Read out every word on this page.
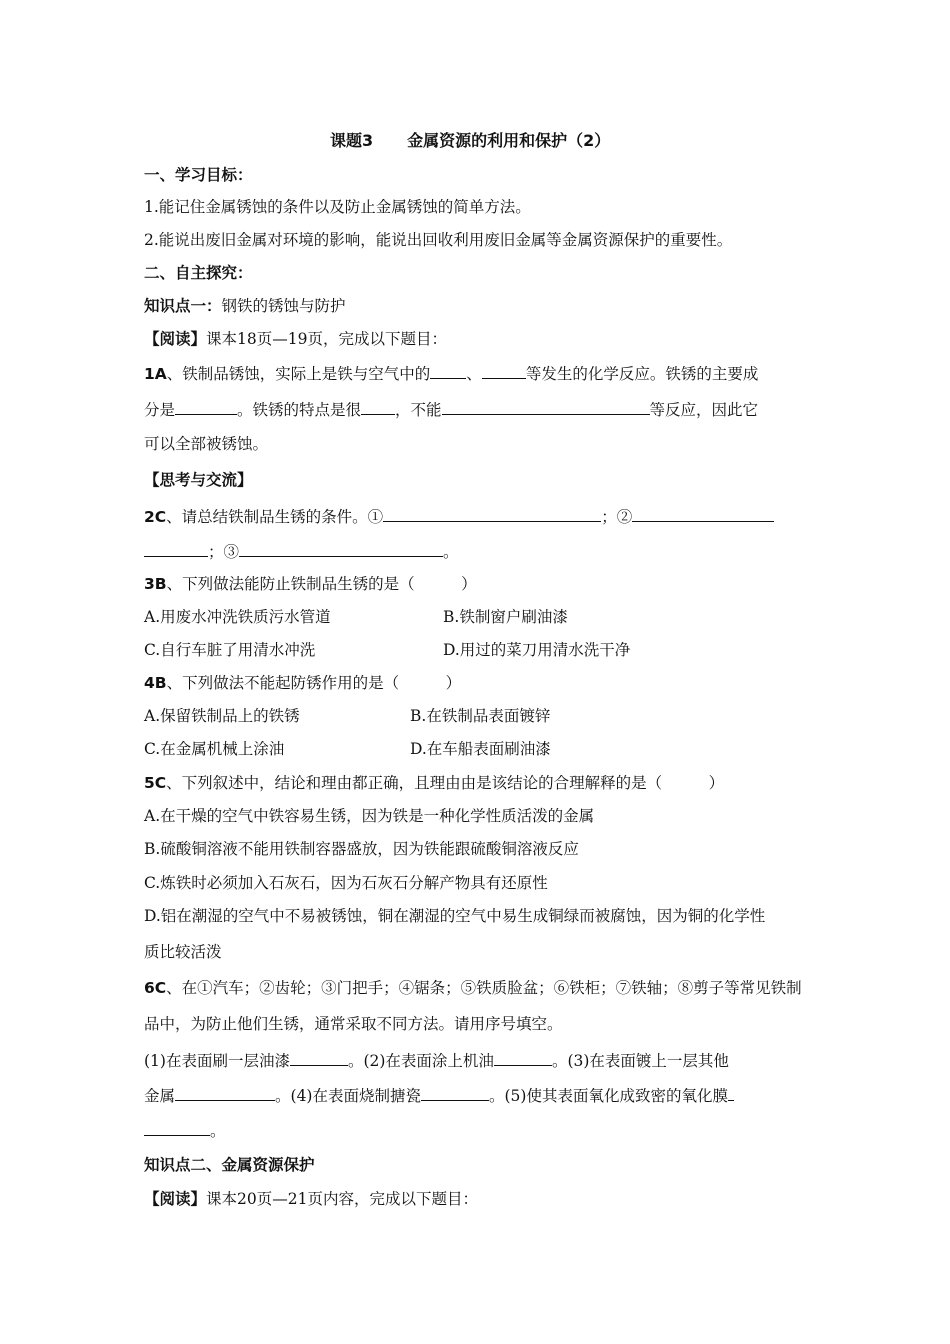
课题3 金属资源的利用和保护（2）
一、学习目标：
1.能记住金属锈蚀的条件以及防止金属锈蚀的简单方法。
2.能说出废旧金属对环境的影响，能说出回收利用废旧金属等金属资源保护的重要性。
二、自主探究：
知识点一：钢铁的锈蚀与防护
【阅读】课本18页—19页，完成以下题目：
1A、铁制品锈蚀，实际上是铁与空气中的 、	等发生的化学反应。铁锈的主要成
分是	。铁锈的特点是很 ，不能	等反应，因此它
可以全部被锈蚀。
【思考与交流】
2C、请总结铁制品生锈的条件。①	；②
；③	。
3B、下列做法能防止铁制品生锈的是（　　　）
A.用废水冲洗铁质污水管道	B.铁制窗户刷油漆
C.自行车脏了用清水冲洗	D.用过的菜刀用清水洗干净
4B、下列做法不能起防锈作用的是（　　　）
A.保留铁制品上的铁锈	B.在铁制品表面镀锌
C.在金属机械上涂油	D.在车船表面刷油漆
5C、下列叙述中，结论和理由都正确，且理由由是该结论的合理解释的是（　　　）
A.在干燥的空气中铁容易生锈，因为铁是一种化学性质活泼的金属
B.硫酸铜溶液不能用铁制容器盛放，因为铁能跟硫酸铜溶液反应
C.炼铁时必须加入石灰石，因为石灰石分解产物具有还原性
D.铝在潮湿的空气中不易被锈蚀，铜在潮湿的空气中易生成铜绿而被腐蚀，因为铜的化学性
质比较活泼
6C、在①汽车；②齿轮；③门把手；④锯条；⑤铁质脸盆；⑥铁柜；⑦铁轴；⑧剪子等常见铁制
品中，为防止他们生锈，通常采取不同方法。请用序号填空。
(1)在表面刷一层油漆	。(2)在表面涂上机油	。(3)在表面镀上一层其他
金属	。(4)在表面烧制搪瓷	。(5)使其表面氧化成致密的氧化膜
。
知识点二、金属资源保护
【阅读】课本20页—21页内容，完成以下题目：
